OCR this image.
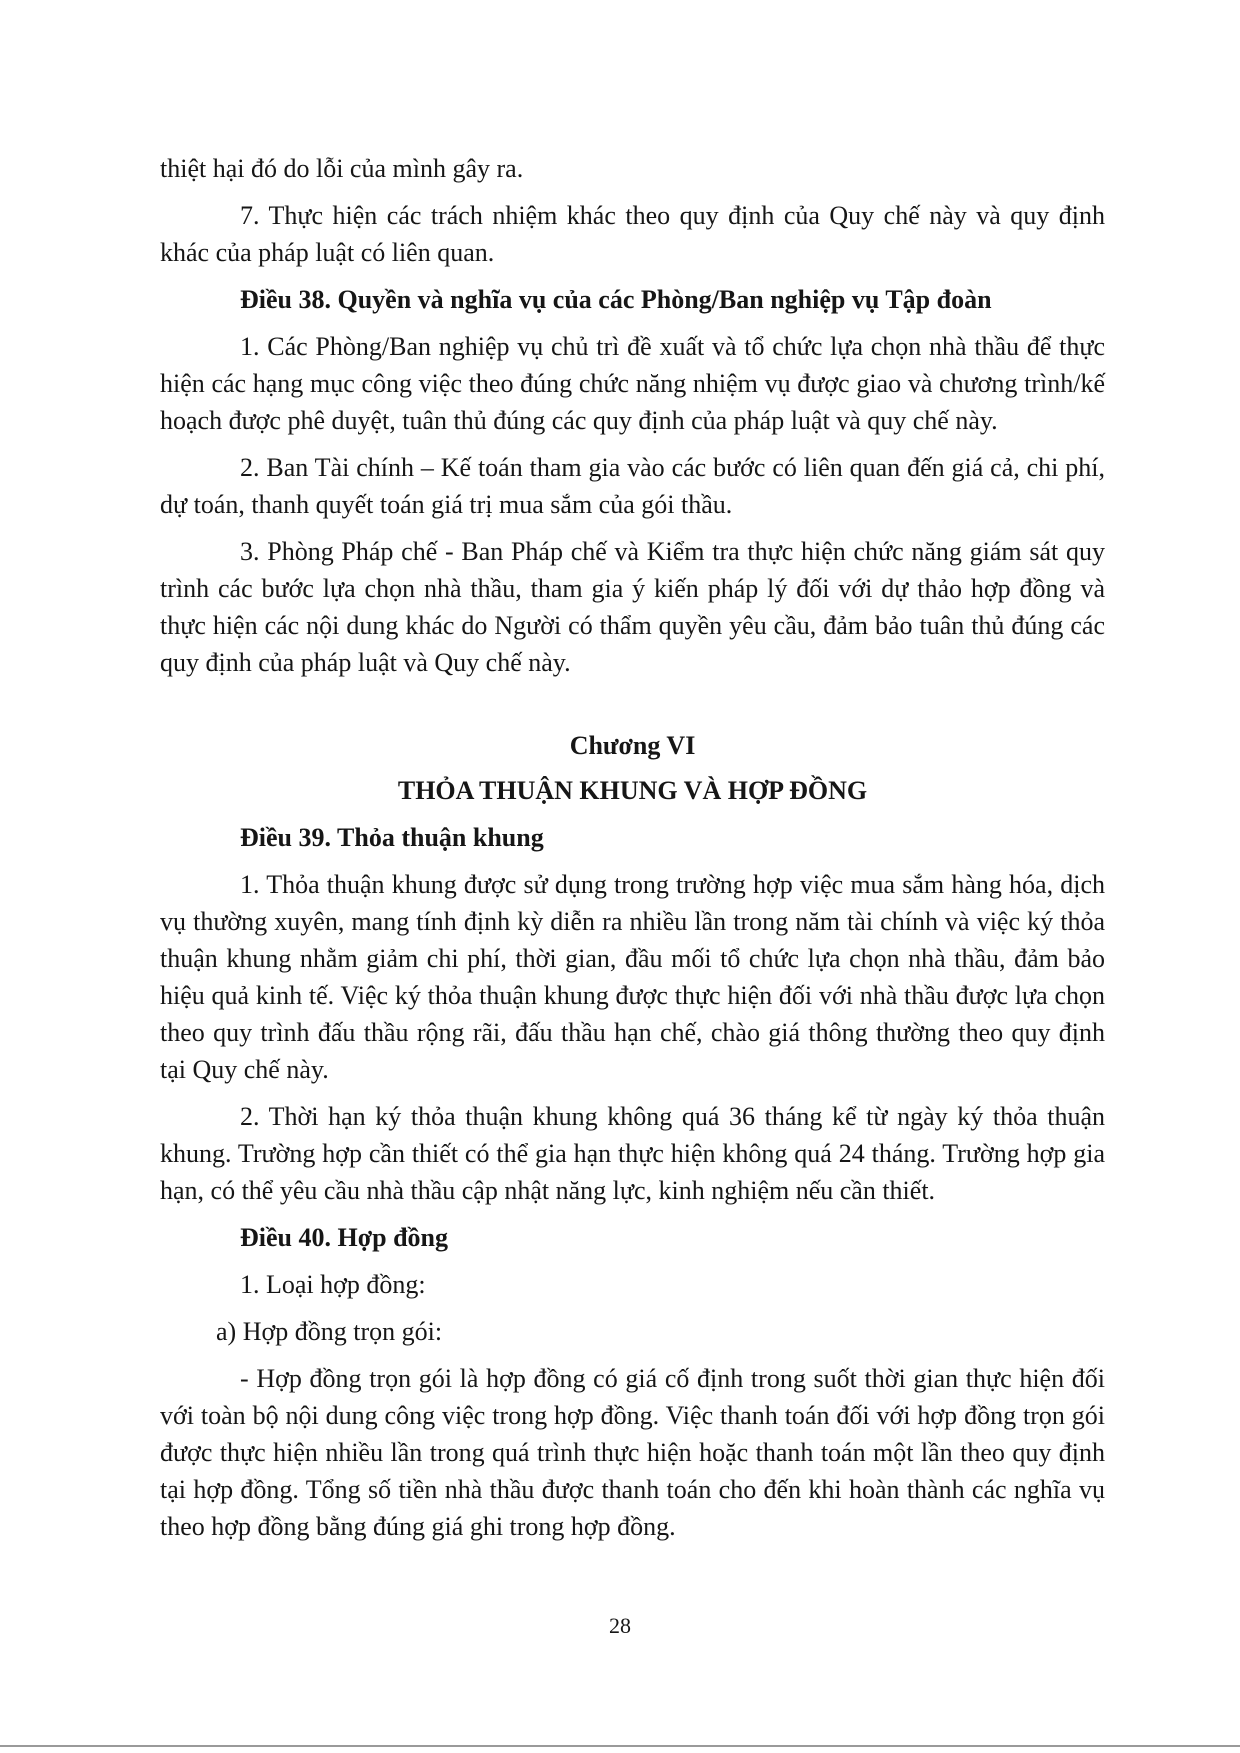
thiệt hại đó do lỗi của mình gây ra.

7. Thực hiện các trách nhiệm khác theo quy định của Quy chế này và quy định khác của pháp luật có liên quan.

Điều 38. Quyền và nghĩa vụ của các Phòng/Ban nghiệp vụ Tập đoàn

1. Các Phòng/Ban nghiệp vụ chủ trì đề xuất và tổ chức lựa chọn nhà thầu để thực hiện các hạng mục công việc theo đúng chức năng nhiệm vụ được giao và chương trình/kế hoạch được phê duyệt, tuân thủ đúng các quy định của pháp luật và quy chế này.

2. Ban Tài chính – Kế toán tham gia vào các bước có liên quan đến giá cả, chi phí, dự toán, thanh quyết toán giá trị mua sắm của gói thầu.

3. Phòng Pháp chế - Ban Pháp chế và Kiểm tra thực hiện chức năng giám sát quy trình các bước lựa chọn nhà thầu, tham gia ý kiến pháp lý đối với dự thảo hợp đồng và thực hiện các nội dung khác do Người có thẩm quyền yêu cầu, đảm bảo tuân thủ đúng các quy định của pháp luật và Quy chế này.

Chương VI

THỎA THUẬN KHUNG VÀ HỢP ĐỒNG

Điều 39. Thỏa thuận khung

1. Thỏa thuận khung được sử dụng trong trường hợp việc mua sắm hàng hóa, dịch vụ thường xuyên, mang tính định kỳ diễn ra nhiều lần trong năm tài chính và việc ký thỏa thuận khung nhằm giảm chi phí, thời gian, đầu mối tổ chức lựa chọn nhà thầu, đảm bảo hiệu quả kinh tế. Việc ký thỏa thuận khung được thực hiện đối với nhà thầu được lựa chọn theo quy trình đấu thầu rộng rãi, đấu thầu hạn chế, chào giá thông thường theo quy định tại Quy chế này.

2. Thời hạn ký thỏa thuận khung không quá 36 tháng kể từ ngày ký thỏa thuận khung. Trường hợp cần thiết có thể gia hạn thực hiện không quá 24 tháng. Trường hợp gia hạn, có thể yêu cầu nhà thầu cập nhật năng lực, kinh nghiệm nếu cần thiết.

Điều 40. Hợp đồng

1. Loại hợp đồng:

a) Hợp đồng trọn gói:

- Hợp đồng trọn gói là hợp đồng có giá cố định trong suốt thời gian thực hiện đối với toàn bộ nội dung công việc trong hợp đồng. Việc thanh toán đối với hợp đồng trọn gói được thực hiện nhiều lần trong quá trình thực hiện hoặc thanh toán một lần theo quy định tại hợp đồng. Tổng số tiền nhà thầu được thanh toán cho đến khi hoàn thành các nghĩa vụ theo hợp đồng bằng đúng giá ghi trong hợp đồng.

28
